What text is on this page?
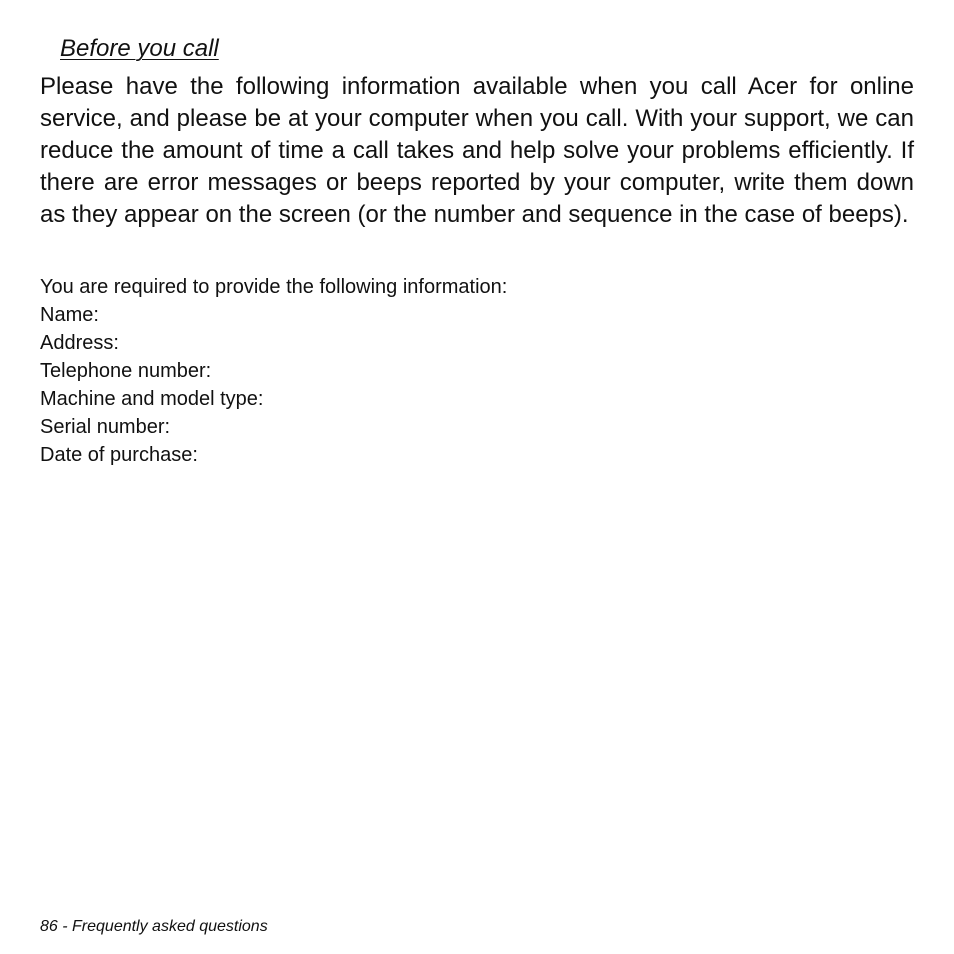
Before you call

Please have the following information available when you call Acer for online service, and please be at your computer when you call. With your support, we can reduce the amount of time a call takes and help solve your problems efficiently. If there are error messages or beeps reported by your computer, write them down as they appear on the screen (or the number and sequence in the case of beeps).

You are required to provide the following information:
Name:
Address:
Telephone number:
Machine and model type:
Serial number:
Date of purchase:
86 - Frequently asked questions
